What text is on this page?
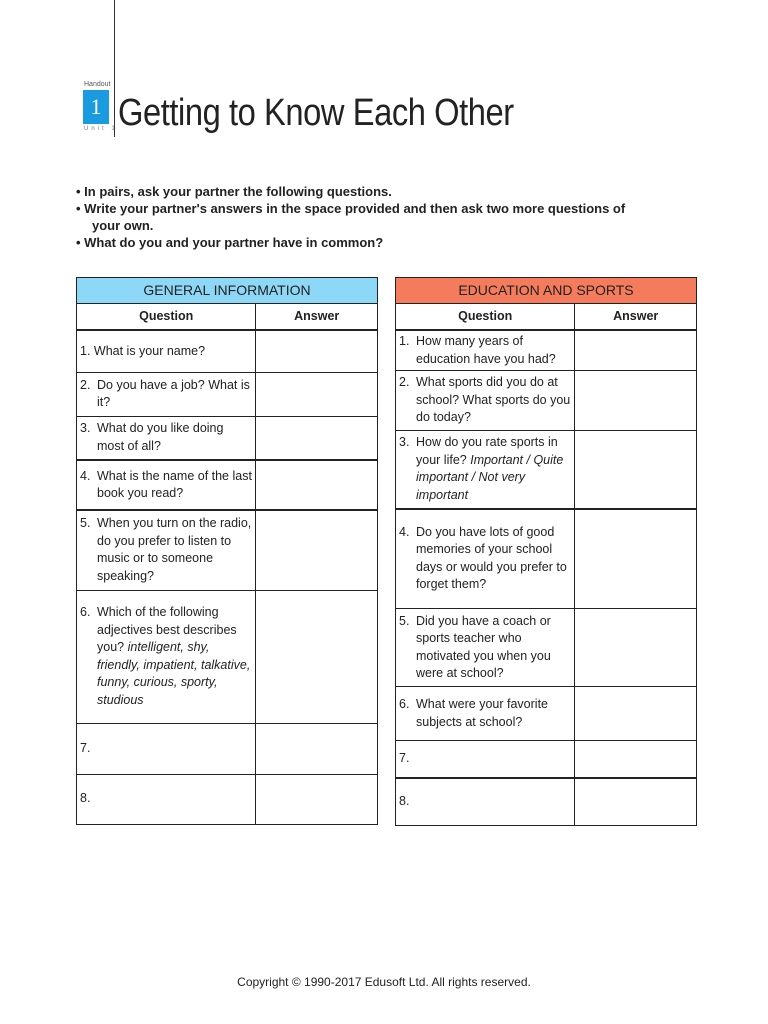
Handout
1
Unit 1 Getting to Know Each Other
• In pairs, ask your partner the following questions.
• Write your partner's answers in the space provided and then ask two more questions of
your own.
• What do you and your partner have in common?
GENERAL INFORMATION	
Question	Answer
1. What is your name?	

2. Do you have a job? What is it?	

3. What do you like doing most of all?	

4. What is the name of the last book you read?	

5. When you turn on the radio, do you prefer to listen to music or to someone speaking?	

6. Which of the following adjectives best describes you? intelligent, shy, friendly, impatient, talkative, funny, curious, sporty, studious	

7.	
8.	
EDUCATION AND SPORTS	
Question	Answer

1. How many years of education have you had?	

2. What sports did you do at school? What sports do you do today?	

3. How do you rate sports in your life? Important / Quite important / Not very important	

4. Do you have lots of good memories of your school days or would you prefer to forget them?	

5. Did you have a coach or sports teacher who motivated you when you were at school?	

6. What were your favorite subjects at school?	

7.	
8.	
Copyright © 1990-2017 Edusoft Ltd. All rights reserved.
